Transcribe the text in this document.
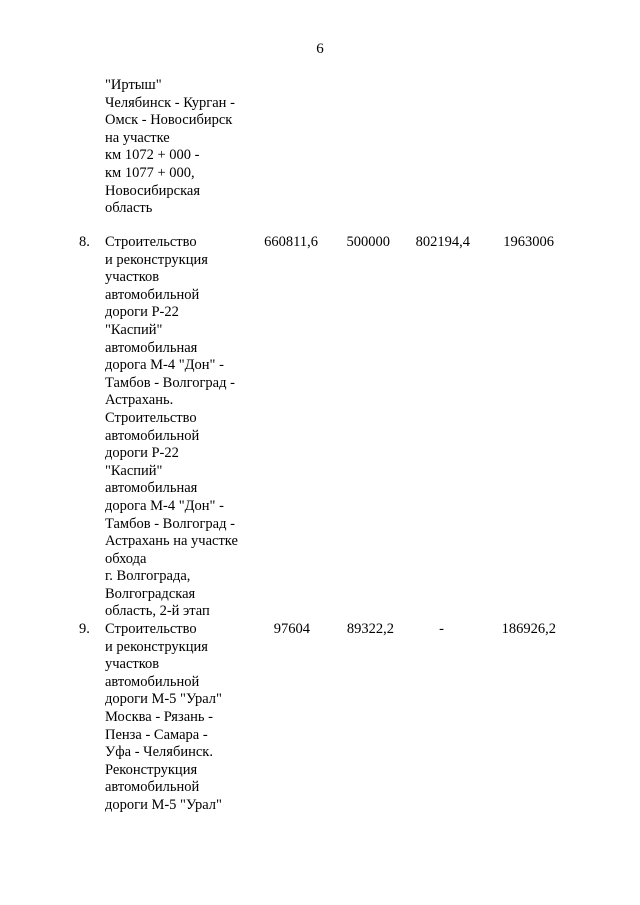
6
"Иртыш"
Челябинск - Курган -
Омск - Новосибирск
на участке
км 1072 + 000 -
км 1077 + 000,
Новосибирская
область
8. Строительство
и реконструкция
участков
автомобильной
дороги Р-22
"Каспий"
автомобильная
дорога М-4 "Дон" -
Тамбов - Волгоград -
Астрахань.
Строительство
автомобильной
дороги Р-22
"Каспий"
автомобильная
дорога М-4 "Дон" -
Тамбов - Волгоград -
Астрахань на участке
обхода
г. Волгограда,
Волгоградская
область, 2-й этап
660811,6	500000	802194,4	1963006
9. Строительство
и реконструкция
участков
автомобильной
дороги М-5 "Урал"
Москва - Рязань -
Пенза - Самара -
Уфа - Челябинск.
Реконструкция
автомобильной
дороги М-5 "Урал"
97604	89322,2	-	186926,2
